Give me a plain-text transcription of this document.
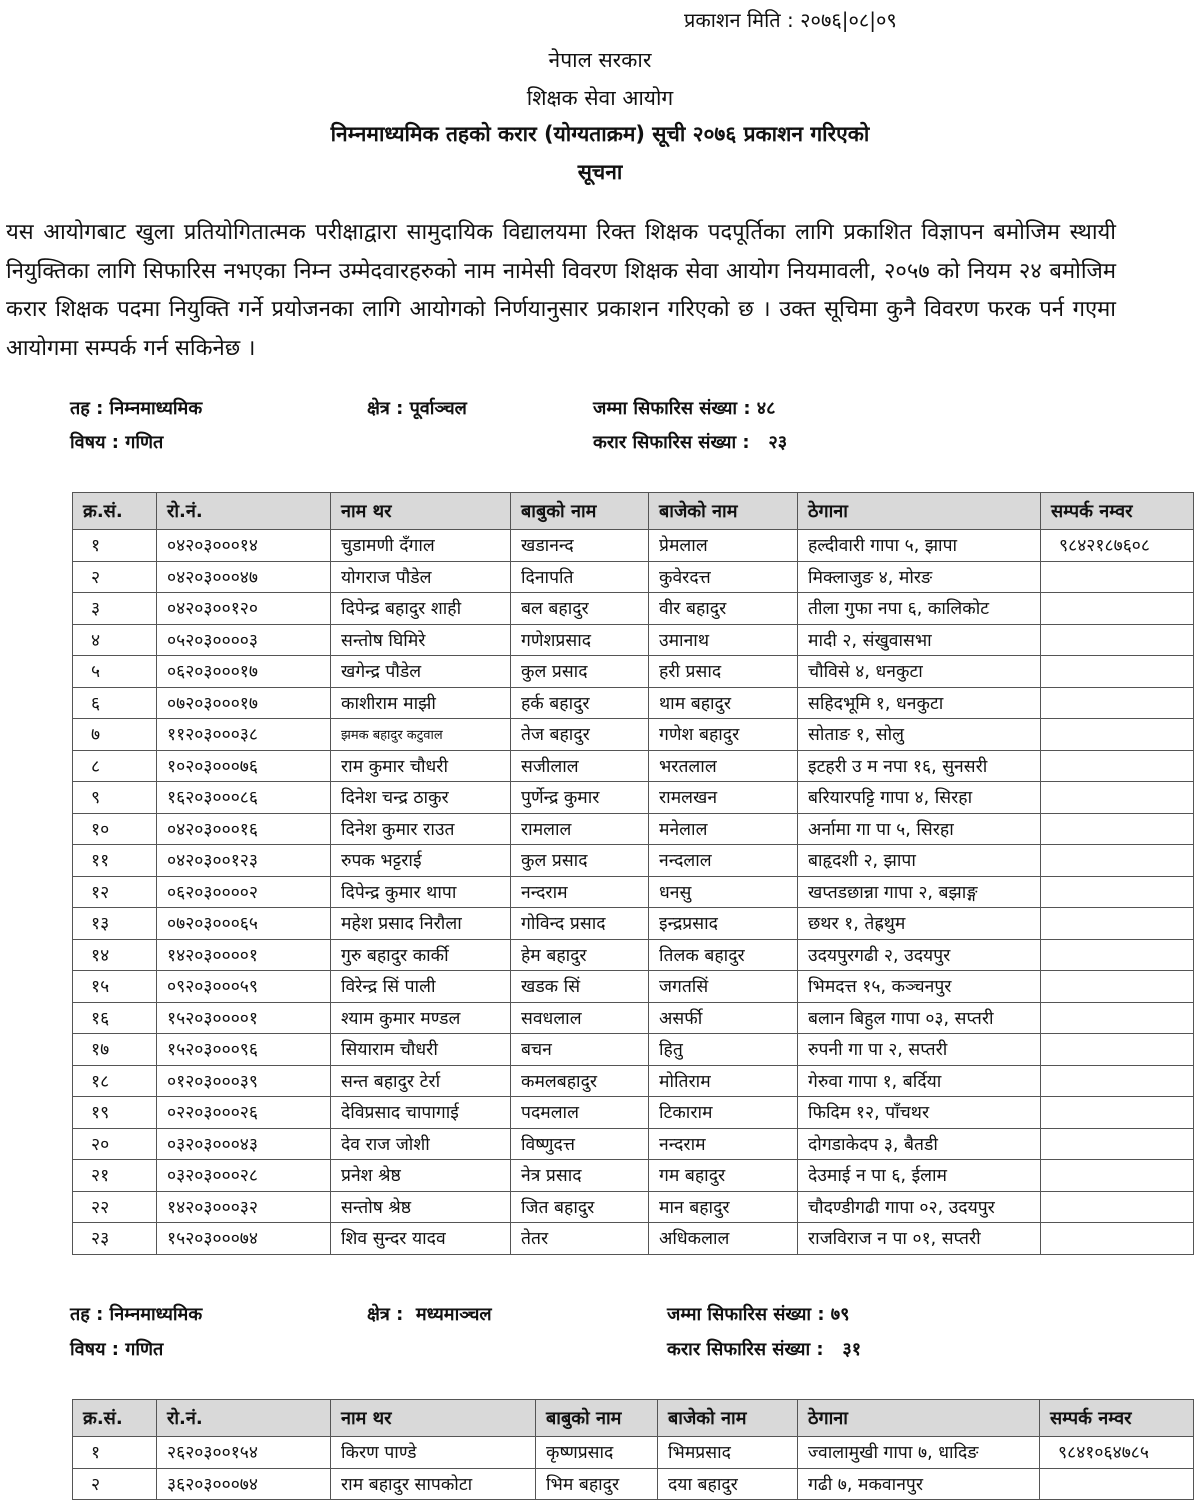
प्रकाशन मिति : २०७६|०८|०९
नेपाल सरकार
शिक्षक सेवा आयोग
निम्नमाध्यमिक तहको करार (योग्यताक्रम) सूची २०७६ प्रकाशन गरिएको
सूचना
यस आयोगबाट खुला प्रतियोगितात्मक परीक्षाद्वारा सामुदायिक विद्यालयमा रिक्त शिक्षक पदपूर्तिका लागि प्रकाशित विज्ञापन बमोजिम स्थायी नियुक्तिका लागि सिफारिस नभएका निम्न उम्मेदवारहरुको नाम नामेसी विवरण शिक्षक सेवा आयोग नियमावली, २०५७ को नियम २४ बमोजिम करार शिक्षक पदमा नियुक्ति गर्ने प्रयोजनका लागि आयोगको निर्णयानुसार प्रकाशन गरिएको छ । उक्त सूचिमा कुनै विवरण फरक पर्न गएमा आयोगमा सम्पर्क गर्न सकिनेछ ।
तह : निम्नमाध्यमिक	क्षेत्र : पूर्वाञ्चल	जम्मा सिफारिस संख्या : ४८
विषय : गणित	करार सिफारिस संख्या :   २३
क्र.सं.	रो.नं.	नाम थर	बाबुको नाम	बाजेको नाम	ठेगाना	सम्पर्क नम्वर
१	०४२०३०००१४	चुडामणी दँगाल	खडानन्द	प्रेमलाल	हल्दीवारी गापा ५, झापा	९८४२१८७६०८
२	०४२०३०००४७	योगराज पौडेल	दिनापति	कुवेरदत्त	मिक्लाजुङ ४, मोरङ	
३	०४२०३००१२०	दिपेन्द्र बहादुर शाही	बल बहादुर	वीर बहादुर	तीला गुफा नपा ६, कालिकोट	
४	०५२०३००००३	सन्तोष घिमिरे	गणेशप्रसाद	उमानाथ	मादी २, संखुवासभा	
५	०६२०३०००१७	खगेन्द्र पौडेल	कुल प्रसाद	हरी प्रसाद	चौविसे ४, धनकुटा	
६	०७२०३०००१७	काशीराम माझी	हर्क बहादुर	थाम बहादुर	सहिदभूमि १, धनकुटा	
७	११२०३०००३८	झमक बहादुर कटुवाल	तेज बहादुर	गणेश बहादुर	सोताङ १, सोलु	
८	१०२०३०००७६	राम कुमार चौधरी	सजीलाल	भरतलाल	इटहरी उ म नपा १६, सुनसरी	
९	१६२०३०००८६	दिनेश चन्द्र ठाकुर	पुर्णेन्द्र कुमार	रामलखन	बरियारपट्टि गापा ४, सिरहा	
१०	०४२०३०००१६	दिनेश कुमार राउत	रामलाल	मनेलाल	अर्नामा गा पा ५, सिरहा	
११	०४२०३००१२३	रुपक भट्टराई	कुल प्रसाद	नन्दलाल	बाहृदशी २, झापा	
१२	०६२०३००००२	दिपेन्द्र कुमार थापा	नन्दराम	धनसु	खप्तडछान्ना गापा २, बझाङ्ग	
१३	०७२०३०००६५	महेश प्रसाद निरौला	गोविन्द प्रसाद	इन्द्रप्रसाद	छथर १, तेह्रथुम	
१४	१४२०३००००१	गुरु बहादुर कार्की	हेम बहादुर	तिलक बहादुर	उदयपुरगढी २, उदयपुर	
१५	०९२०३०००५९	विरेन्द्र सिं पाली	खडक सिं	जगतसिं	भिमदत्त १५, कञ्चनपुर	
१६	१५२०३००००१	श्याम कुमार मण्डल	सवधलाल	असर्फी	बलान बिहुल गापा ०३, सप्तरी	
१७	१५२०३०००९६	सियाराम चौधरी	बचन	हितु	रुपनी गा पा २, सप्तरी	
१८	०१२०३०००३९	सन्त बहादुर टेर्रा	कमलबहादुर	मोतिराम	गेरुवा गापा १, बर्दिया	
१९	०२२०३०००२६	देविप्रसाद चापागाई	पदमलाल	टिकाराम	फिदिम १२, पाँचथर	
२०	०३२०३०००४३	देव राज जोशी	विष्णुदत्त	नन्दराम	दोगडाकेदप ३, बैतडी	
२१	०३२०३०००२८	प्रनेश श्रेष्ठ	नेत्र प्रसाद	गम बहादुर	देउमाई न पा ६, ईलाम	
२२	१४२०३०००३२	सन्तोष श्रेष्ठ	जित बहादुर	मान बहादुर	चौदण्डीगढी गापा ०२, उदयपुर	
२३	१५२०३०००७४	शिव सुन्दर यादव	तेतर	अधिकलाल	राजविराज न पा ०१, सप्तरी	
तह : निम्नमाध्यमिक	क्षेत्र :  मध्यमाञ्चल	जम्मा सिफारिस संख्या : ७९
विषय : गणित	करार सिफारिस संख्या :   ३१
क्र.सं.	रो.नं.	नाम थर	बाबुको नाम	बाजेको नाम	ठेगाना	सम्पर्क नम्वर
१	२६२०३००१५४	किरण पाण्डे	कृष्णप्रसाद	भिमप्रसाद	ज्वालामुखी गापा ७, धादिङ	९८४१०६४७८५
२	३६२०३०००७४	राम बहादुर सापकोटा	भिम बहादुर	दया बहादुर	गढी ७, मकवानपुर	
